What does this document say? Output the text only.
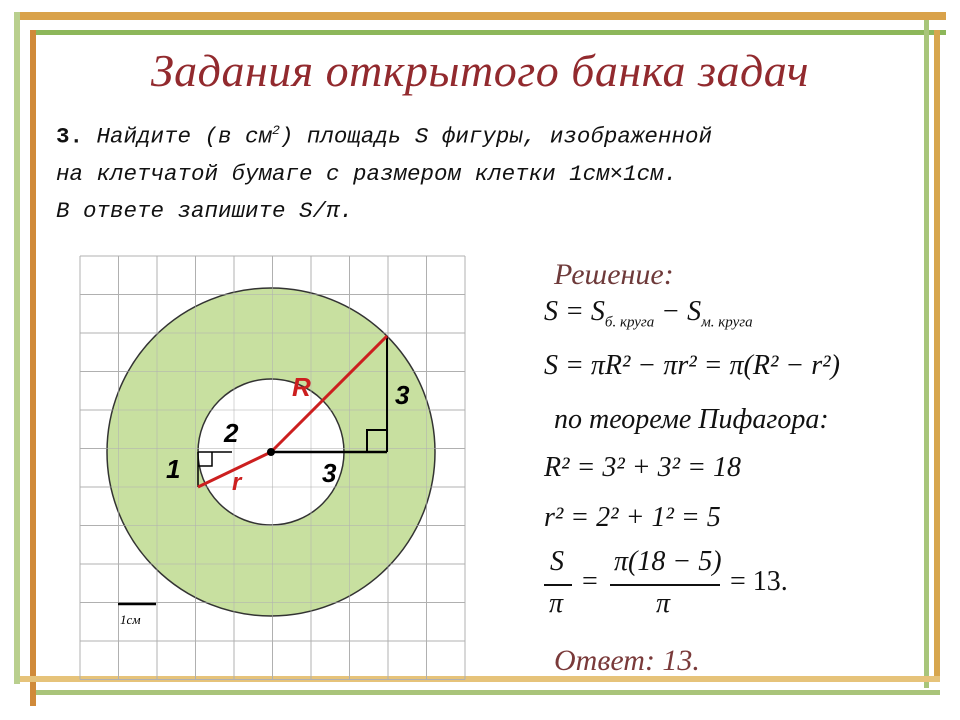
Задания открытого банка задач
3. Найдите (в $см^2$) площадь S фигуры, изображенной
на клетчатой бумаге с размером клетки 1см×1см.
В ответе запишите S/π.
R
r
2
1	3
3
1см
Решение:
$S = S_{б. круга} - S_{м. круга}$
S = πR² − πr² = π(R² − r²)
по теореме Пифагора:
R² = 3² + 3² = 18
r² = 2² + 1² = 5
S
π
=
π(18 − 5)
π
= 13.
Ответ: 13.
